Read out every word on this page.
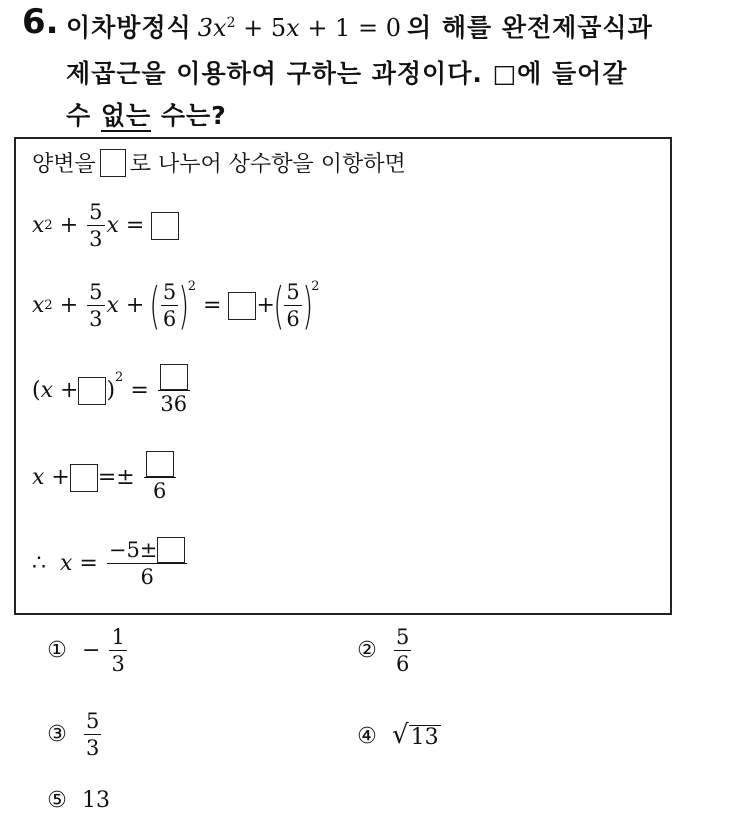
6. 이차방정식 $3x^2 + 5x + 1 = 0$ 의 해를 완전제곱식과
제곱근을 이용하여 구하는 과정이다. □에 들어갈
수 없는 수는?
양변을 로 나누어 상수항을 이항하면
x $2 + \frac{5}{3}$ x =
x $2 + \frac{5}{3}$ x +
( $\frac{5}{6}$ )
2
=
+
( $\frac{5}{6}$ )
2
( x + )
$^2$
=
36
x + =±
6
∴
$x = \frac{-5\pm}{6}$
① −
$\frac{1}{3}$	② $\frac{5}{6}$
③ $\frac{5}{3}$	④ √ 13
⑤ 13
